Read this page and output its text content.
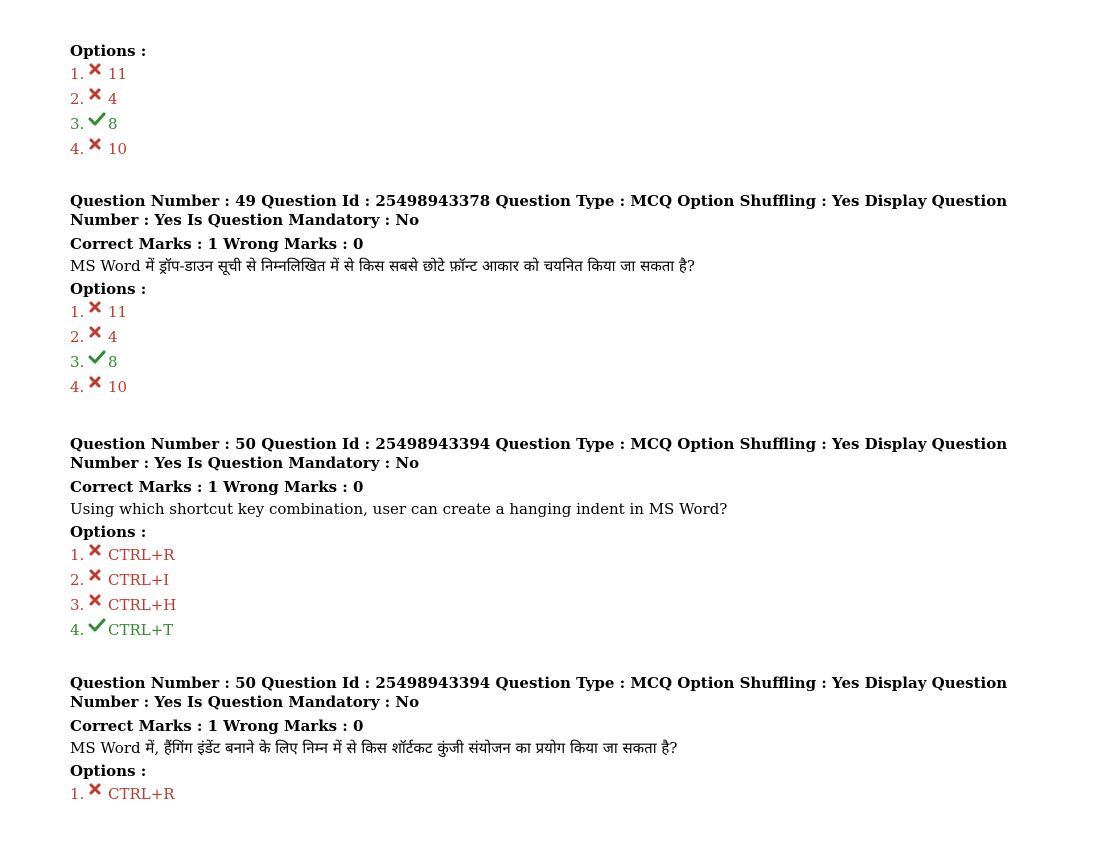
Options :
1. 11
2. 4
3. 8
4. 10
Question Number : 49 Question Id : 25498943378 Question Type : MCQ Option Shuffling : Yes Display Question Number : Yes Is Question Mandatory : No
Correct Marks : 1 Wrong Marks : 0
MS Word में ड्रॉप-डाउन सूची से निम्नलिखित में से किस सबसे छोटे फ़ॉन्ट आकार को चयनित किया जा सकता है?
Options :
1. 11
2. 4
3. 8
4. 10
Question Number : 50 Question Id : 25498943394 Question Type : MCQ Option Shuffling : Yes Display Question Number : Yes Is Question Mandatory : No
Correct Marks : 1 Wrong Marks : 0
Using which shortcut key combination, user can create a hanging indent in MS Word?
Options :
1. CTRL+R
2. CTRL+I
3. CTRL+H
4. CTRL+T
Question Number : 50 Question Id : 25498943394 Question Type : MCQ Option Shuffling : Yes Display Question Number : Yes Is Question Mandatory : No
Correct Marks : 1 Wrong Marks : 0
MS Word में, हैंगिंग इंडेंट बनाने के लिए निम्न में से किस शॉर्टकट कुंजी संयोजन का प्रयोग किया जा सकता है?
Options :
1. CTRL+R
